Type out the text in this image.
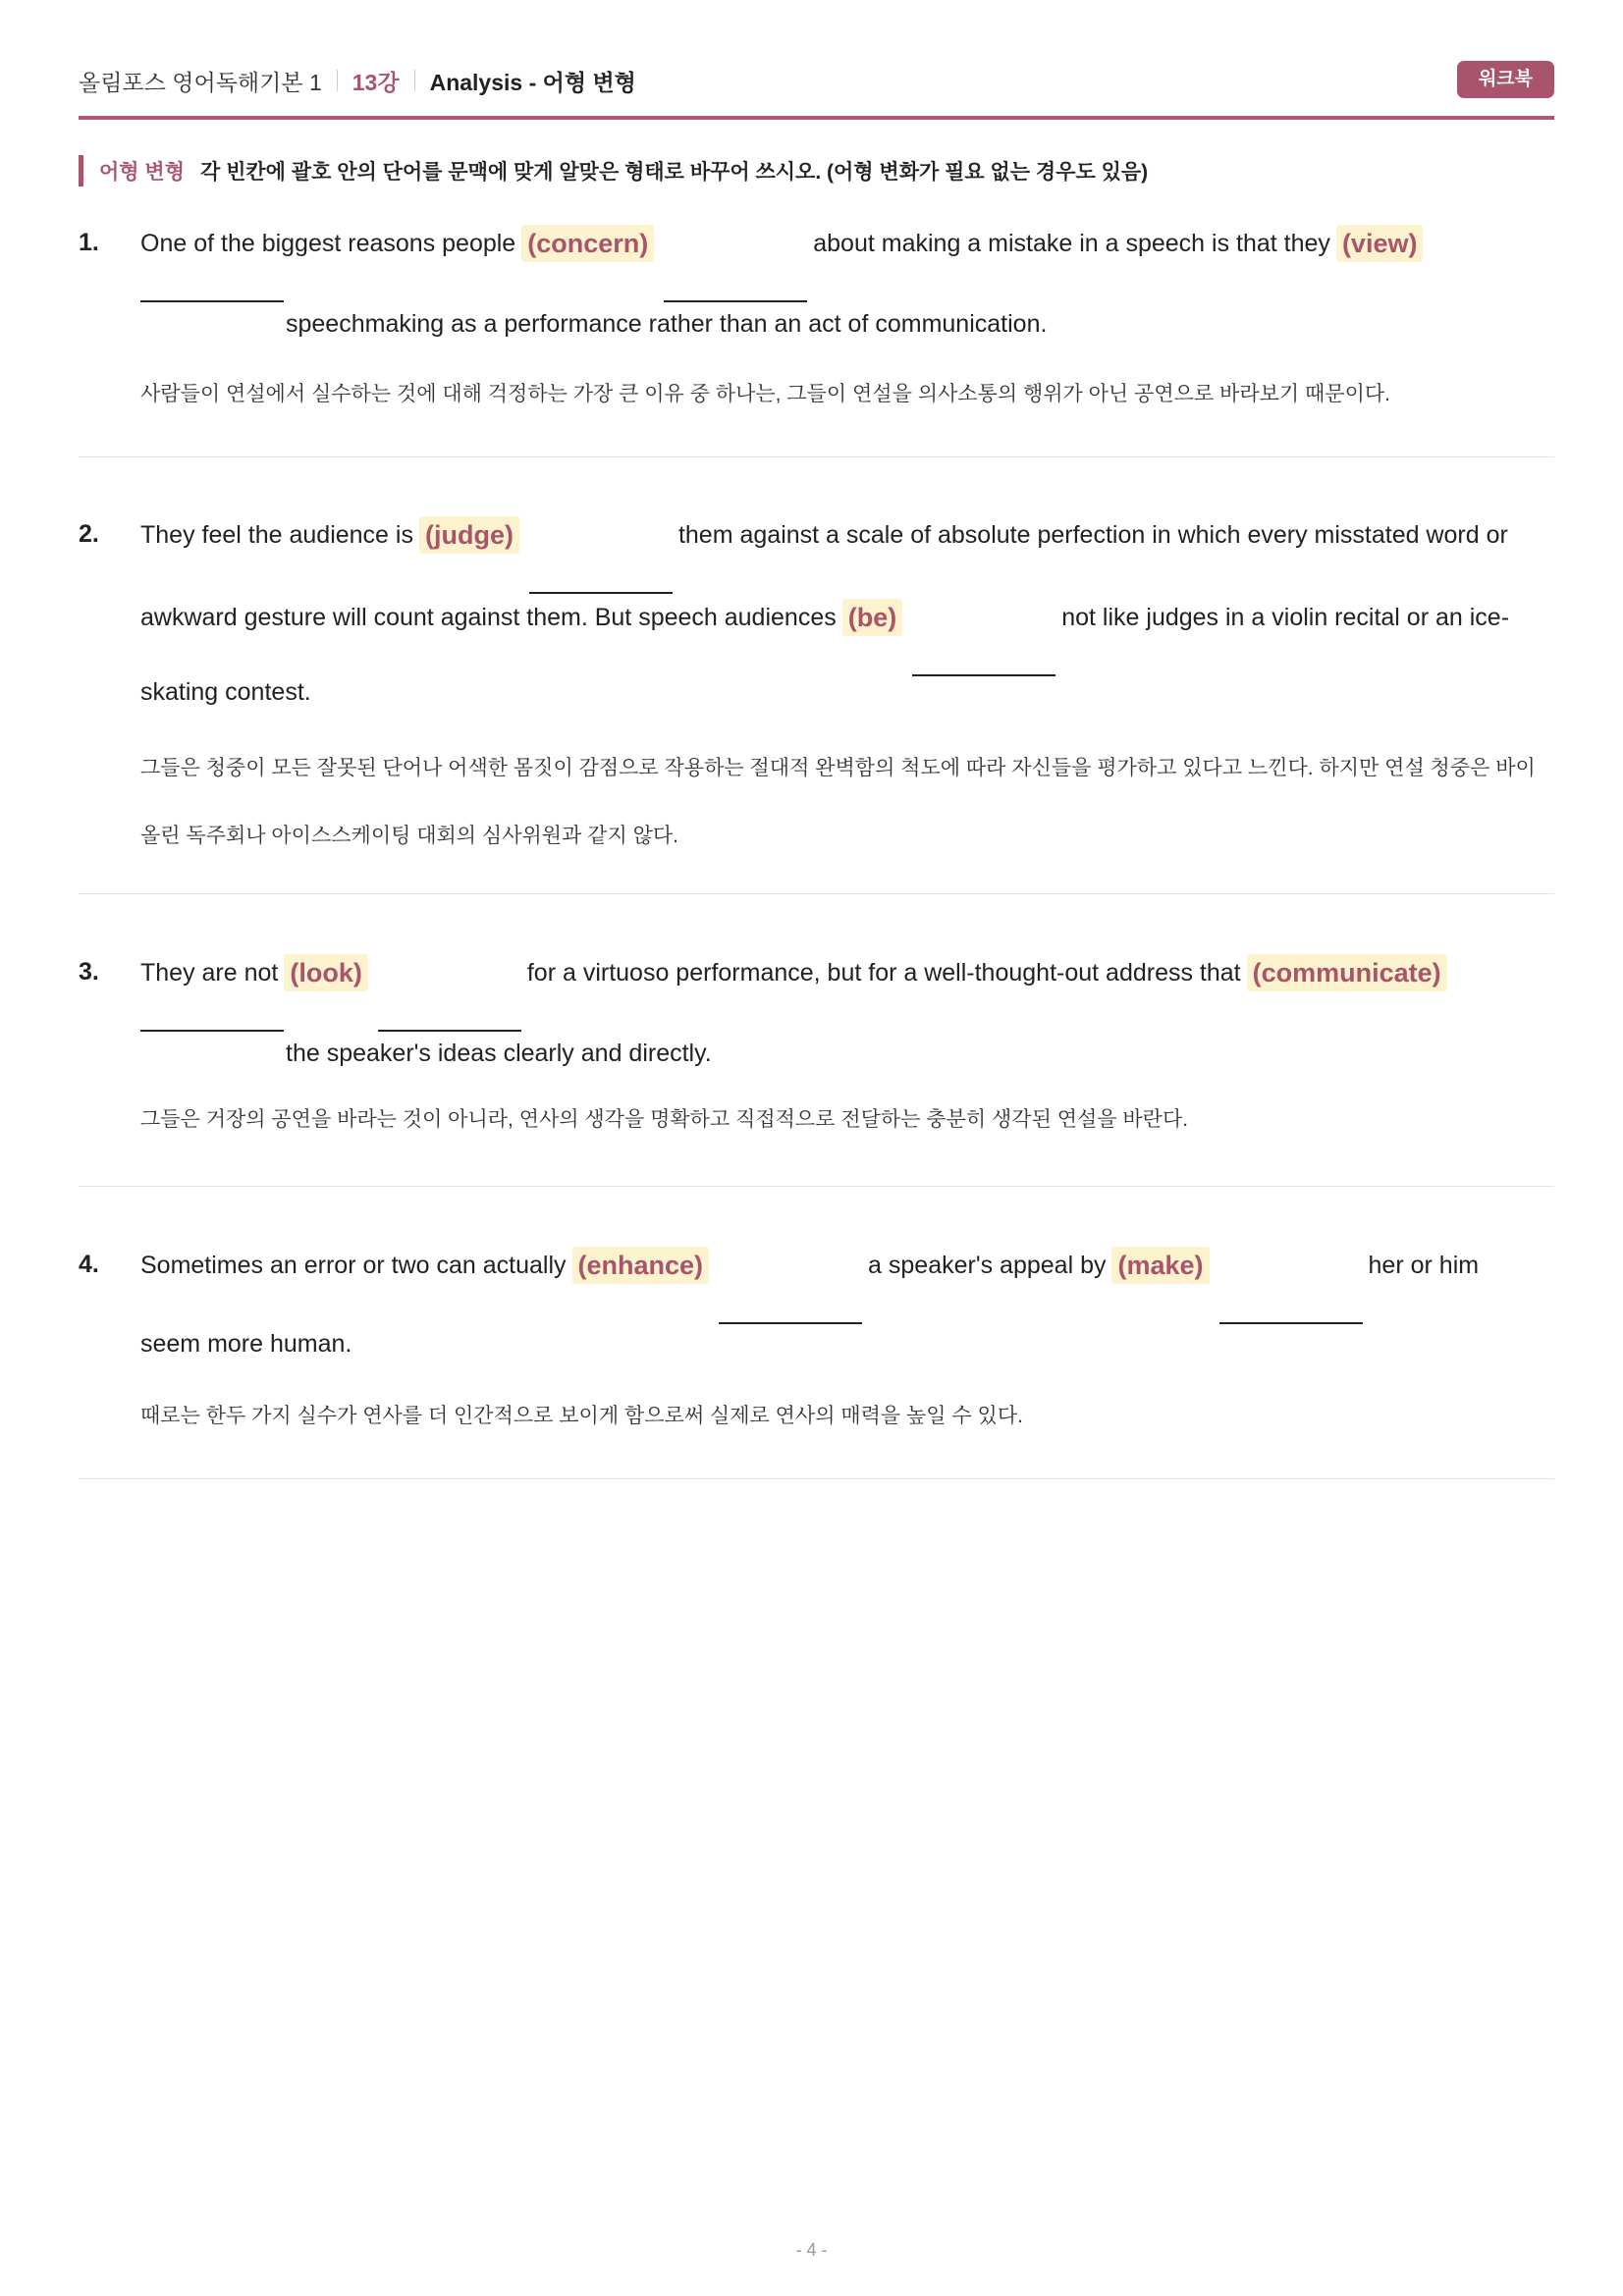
올림포스 영어독해기본 1 13강 Analysis - 어형 변형	워크북
어형 변형 각 빈칸에 괄호 안의 단어를 문맥에 맞게 알맞은 형태로 바꾸어 쓰시오. (어형 변화가 필요 없는 경우도 있음)
1. One of the biggest reasons people (concern)	about making a mistake in a speech is that they (view)
speechmaking as a performance rather than an act of communication.
사람들이 연설에서 실수하는 것에 대해 걱정하는 가장 큰 이유 중 하나는, 그들이 연설을 의사소통의 행위가 아닌 공연으로 바라보기 때문이다.
2. They feel the audience is (judge)	them against a scale of absolute perfection in which every misstated word or
awkward gesture will count against them. But speech audiences (be)	not like judges in a violin recital or an ice-
skating contest.
그들은 청중이 모든 잘못된 단어나 어색한 몸짓이 감점으로 작용하는 절대적 완벽함의 척도에 따라 자신들을 평가하고 있다고 느낀다. 하지만 연설 청중은 바이
올린 독주회나 아이스스케이팅 대회의 심사위원과 같지 않다.
3. They are not (look)	for a virtuoso performance, but for a well-thought-out address that (communicate)
the speaker's ideas clearly and directly.
그들은 거장의 공연을 바라는 것이 아니라, 연사의 생각을 명확하고 직접적으로 전달하는 충분히 생각된 연설을 바란다.
4. Sometimes an error or two can actually (enhance)	a speaker's appeal by (make)	her or him
seem more human.
때로는 한두 가지 실수가 연사를 더 인간적으로 보이게 함으로써 실제로 연사의 매력을 높일 수 있다.
- 4 -
